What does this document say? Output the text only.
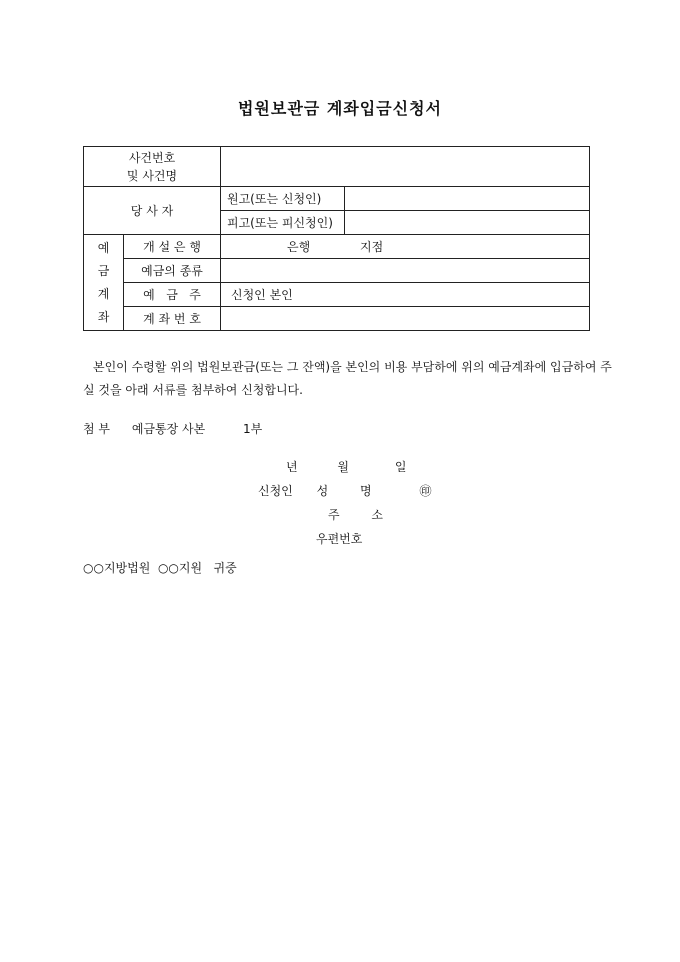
법원보관금 계좌입금신청서
사건번호
및 사건명			

당 사 자		원고(또는 신청인)	
		피고(또는 피신청인)	

예
금
계
좌	개 설 은 행	은행 지점	
	예금의 종류		
	예   금   주	신청인 본인	
	계 좌 번 호		
본인이 수령할 위의 법원보관금(또는 그 잔액)을 본인의 비용 부담하에 위의 예금계좌에 입금하여 주실 것을 아래 서류를 첨부하여 신청합니다.
첨 부 예금통장 사본	1부
년	월	일
신청인 성	명	㊞
주	소
우편번호
○○지방법원  ○○지원   귀중
